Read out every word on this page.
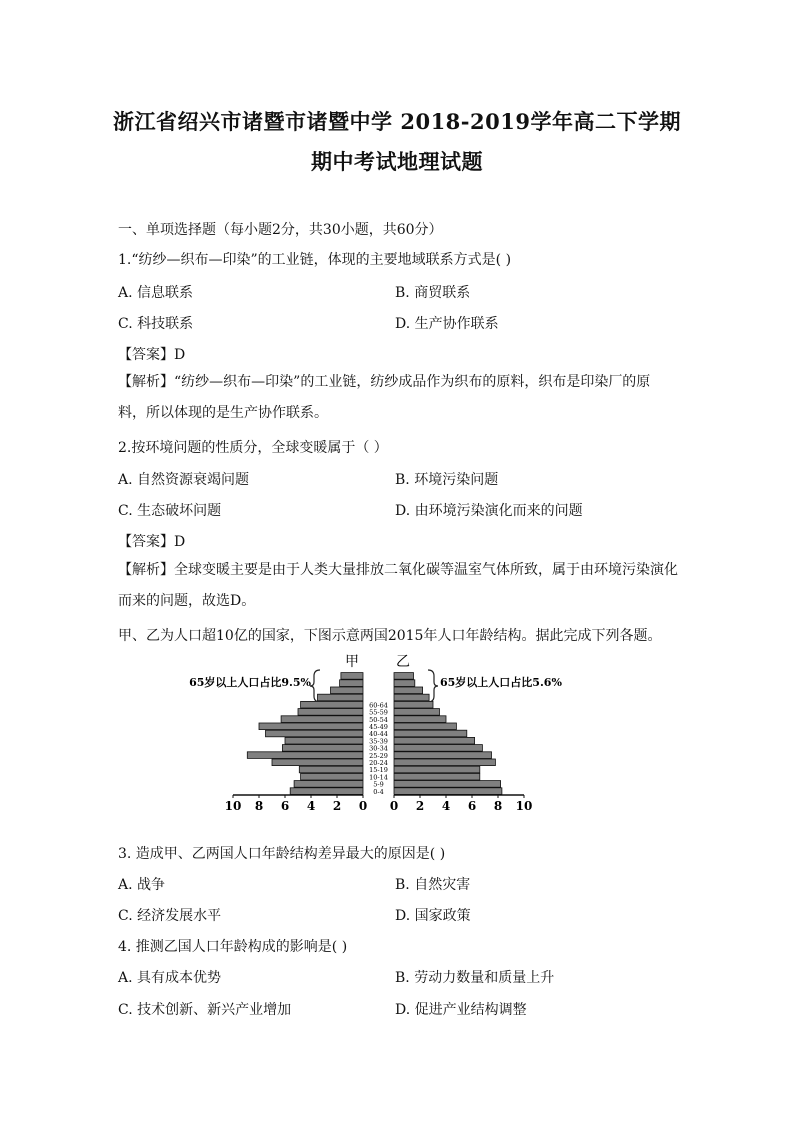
浙江省绍兴市诸暨市诸暨中学 2018-2019学年高二下学期
期中考试地理试题
一、单项选择题（每小题2分，共30小题，共60分）
1.“纺纱—织布—印染”的工业链，体现的主要地域联系方式是( )
A. 信息联系	B. 商贸联系
C. 科技联系	D. 生产协作联系
【答案】D
【解析】“纺纱—织布—印染”的工业链，纺纱成品作为织布的原料，织布是印染厂的原料，所以体现的是生产协作联系。
2.按环境问题的性质分，全球变暖属于（ ）
A. 自然资源衰竭问题	B. 环境污染问题
C. 生态破坏问题	D. 由环境污染演化而来的问题
【答案】D
【解析】全球变暖主要是由于人类大量排放二氧化碳等温室气体所致，属于由环境污染演化而来的问题，故选D。
甲、乙为人口超10亿的国家，下图示意两国2015年人口年龄结构。据此完成下列各题。
甲	乙
65岁以上人口占比9.5%	65岁以上人口占比5.6%
0-4
5-9
10-14
15-19
20-24
25-29
30-34
35-39
40-44
45-49
50-54
55-59
60-64
10 8 6 4 2 0 0 2 4 6 8 10
3. 造成甲、乙两国人口年龄结构差异最大的原因是( )
A. 战争	B. 自然灾害
C. 经济发展水平	D. 国家政策
4. 推测乙国人口年龄构成的影响是( )
A. 具有成本优势	B. 劳动力数量和质量上升
C. 技术创新、新兴产业增加	D. 促进产业结构调整
